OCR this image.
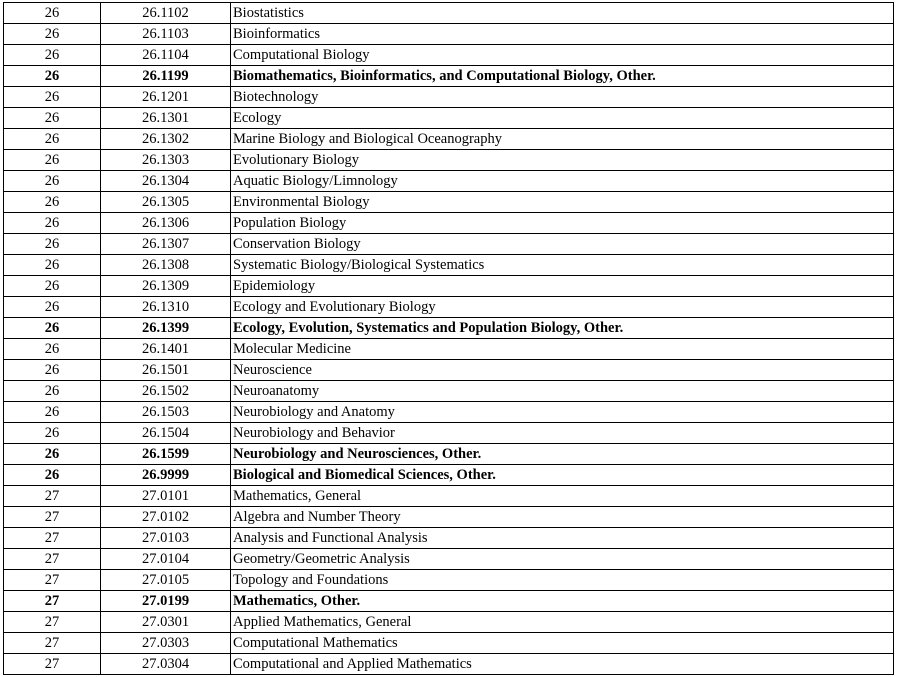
26	26.1102	Biostatistics
26	26.1103	Bioinformatics
26	26.1104	Computational Biology
26	26.1199	Biomathematics, Bioinformatics, and Computational Biology, Other.
26	26.1201	Biotechnology
26	26.1301	Ecology
26	26.1302	Marine Biology and Biological Oceanography
26	26.1303	Evolutionary Biology
26	26.1304	Aquatic Biology/Limnology
26	26.1305	Environmental Biology
26	26.1306	Population Biology
26	26.1307	Conservation Biology
26	26.1308	Systematic Biology/Biological Systematics
26	26.1309	Epidemiology
26	26.1310	Ecology and Evolutionary Biology
26	26.1399	Ecology, Evolution, Systematics and Population Biology, Other.
26	26.1401	Molecular Medicine
26	26.1501	Neuroscience
26	26.1502	Neuroanatomy
26	26.1503	Neurobiology and Anatomy
26	26.1504	Neurobiology and Behavior
26	26.1599	Neurobiology and Neurosciences, Other.
26	26.9999	Biological and Biomedical Sciences, Other.
27	27.0101	Mathematics, General
27	27.0102	Algebra and Number Theory
27	27.0103	Analysis and Functional Analysis
27	27.0104	Geometry/Geometric Analysis
27	27.0105	Topology and Foundations
27	27.0199	Mathematics, Other.
27	27.0301	Applied Mathematics, General
27	27.0303	Computational Mathematics
27	27.0304	Computational and Applied Mathematics
